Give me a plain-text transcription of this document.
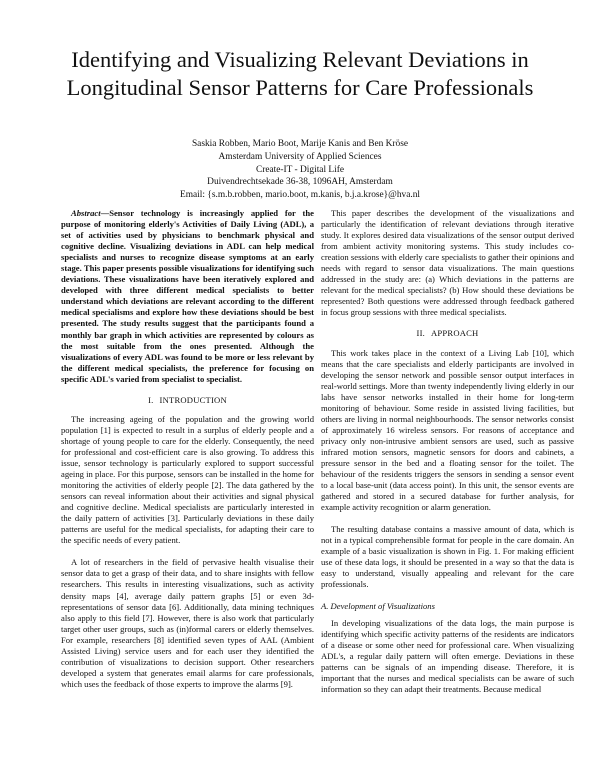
Identifying and Visualizing Relevant Deviations in Longitudinal Sensor Patterns for Care Professionals
Saskia Robben, Mario Boot, Marije Kanis and Ben Kröse
Amsterdam University of Applied Sciences
Create-IT - Digital Life
Duivendrechtsekade 36-38, 1096AH, Amsterdam
Email: {s.m.b.robben, mario.boot, m.kanis, b.j.a.krose}@hva.nl

Abstract—Sensor technology is increasingly applied for the purpose of monitoring elderly's Activities of Daily Living (ADL), a set of activities used by physicians to benchmark physical and cognitive decline. Visualizing deviations in ADL can help medical specialists and nurses to recognize disease symptoms at an early stage. This paper presents possible visualizations for identifying such deviations. These visualizations have been iteratively explored and developed with three different medical specialists to better understand which deviations are relevant according to the different medical specialisms and explore how these deviations should be best presented. The study results suggest that the participants found a monthly bar graph in which activities are represented by colours as the most suitable from the ones presented. Although the visualizations of every ADL was found to be more or less relevant by the different medical specialists, the preference for focusing on specific ADL's varied from specialist to specialist.

I. INTRODUCTION

The increasing ageing of the population and the growing world population [1] is expected to result in a surplus of elderly people and a shortage of young people to care for the elderly. Consequently, the need for professional and cost-efficient care is also growing. To address this issue, sensor technology is particularly explored to support successful ageing in place. For this purpose, sensors can be installed in the home for monitoring the activities of elderly people [2]. The data gathered by the sensors can reveal information about their activities and signal physical and cognitive decline. Medical specialists are particularly interested in the daily pattern of activities [3]. Particularly deviations in these daily patterns are useful for the medical specialists, for adapting their care to the specific needs of every patient.

A lot of researchers in the field of pervasive health visualise their sensor data to get a grasp of their data, and to share insights with fellow researchers. This results in interesting visualizations, such as activity density maps [4], average daily pattern graphs [5] or even 3d-representations of sensor data [6]. Additionally, data mining techniques also apply to this field [7]. However, there is also work that particularly target other user groups, such as (in)formal carers or elderly themselves. For example, researchers [8] identified seven types of AAL (Ambient Assisted Living) service users and for each user they identified the contribution of visualizations to decision support. Other researchers developed a system that generates email alarms for care professionals, which uses the feedback of those experts to improve the alarms [9].

This paper describes the development of the visualizations and particularly the identification of relevant deviations through iterative study. It explores desired data visualizations of the sensor output derived from ambient activity monitoring systems. This study includes co-creation sessions with elderly care specialists to gather their opinions and needs with regard to sensor data visualizations. The main questions addressed in the study are: (a) Which deviations in the patterns are relevant for the medical specialists? (b) How should these deviations be represented? Both questions were addressed through feedback gathered in focus group sessions with three medical specialists.

II. APPROACH

This work takes place in the context of a Living Lab [10], which means that the care specialists and elderly participants are involved in developing the sensor network and possible sensor output interfaces in real-world settings. More than twenty independently living elderly in our labs have sensor networks installed in their home for long-term monitoring of behaviour. Some reside in assisted living facilities, but others are living in normal neighbourhoods. The sensor networks consist of approximately 16 wireless sensors. For reasons of acceptance and privacy only non-intrusive ambient sensors are used, such as passive infrared motion sensors, magnetic sensors for doors and cabinets, a pressure sensor in the bed and a floating sensor for the toilet. The behaviour of the residents triggers the sensors in sending a sensor event to a local base-unit (data access point). In this unit, the sensor events are gathered and stored in a secured database for further analysis, for example activity recognition or alarm generation.

The resulting database contains a massive amount of data, which is not in a typical comprehensible format for people in the care domain. An example of a basic visualization is shown in Fig. 1. For making efficient use of these data logs, it should be presented in a way so that the data is easy to understand, visually appealing and relevant for the care professionals.

A. Development of Visualizations

In developing visualizations of the data logs, the main purpose is identifying which specific activity patterns of the residents are indicators of a disease or some other need for professional care. When visualizing ADL's, a regular daily pattern will often emerge. Deviations in these patterns can be signals of an impending disease. Therefore, it is important that the nurses and medical specialists can be aware of such information so they can adapt their treatments. Because medical
